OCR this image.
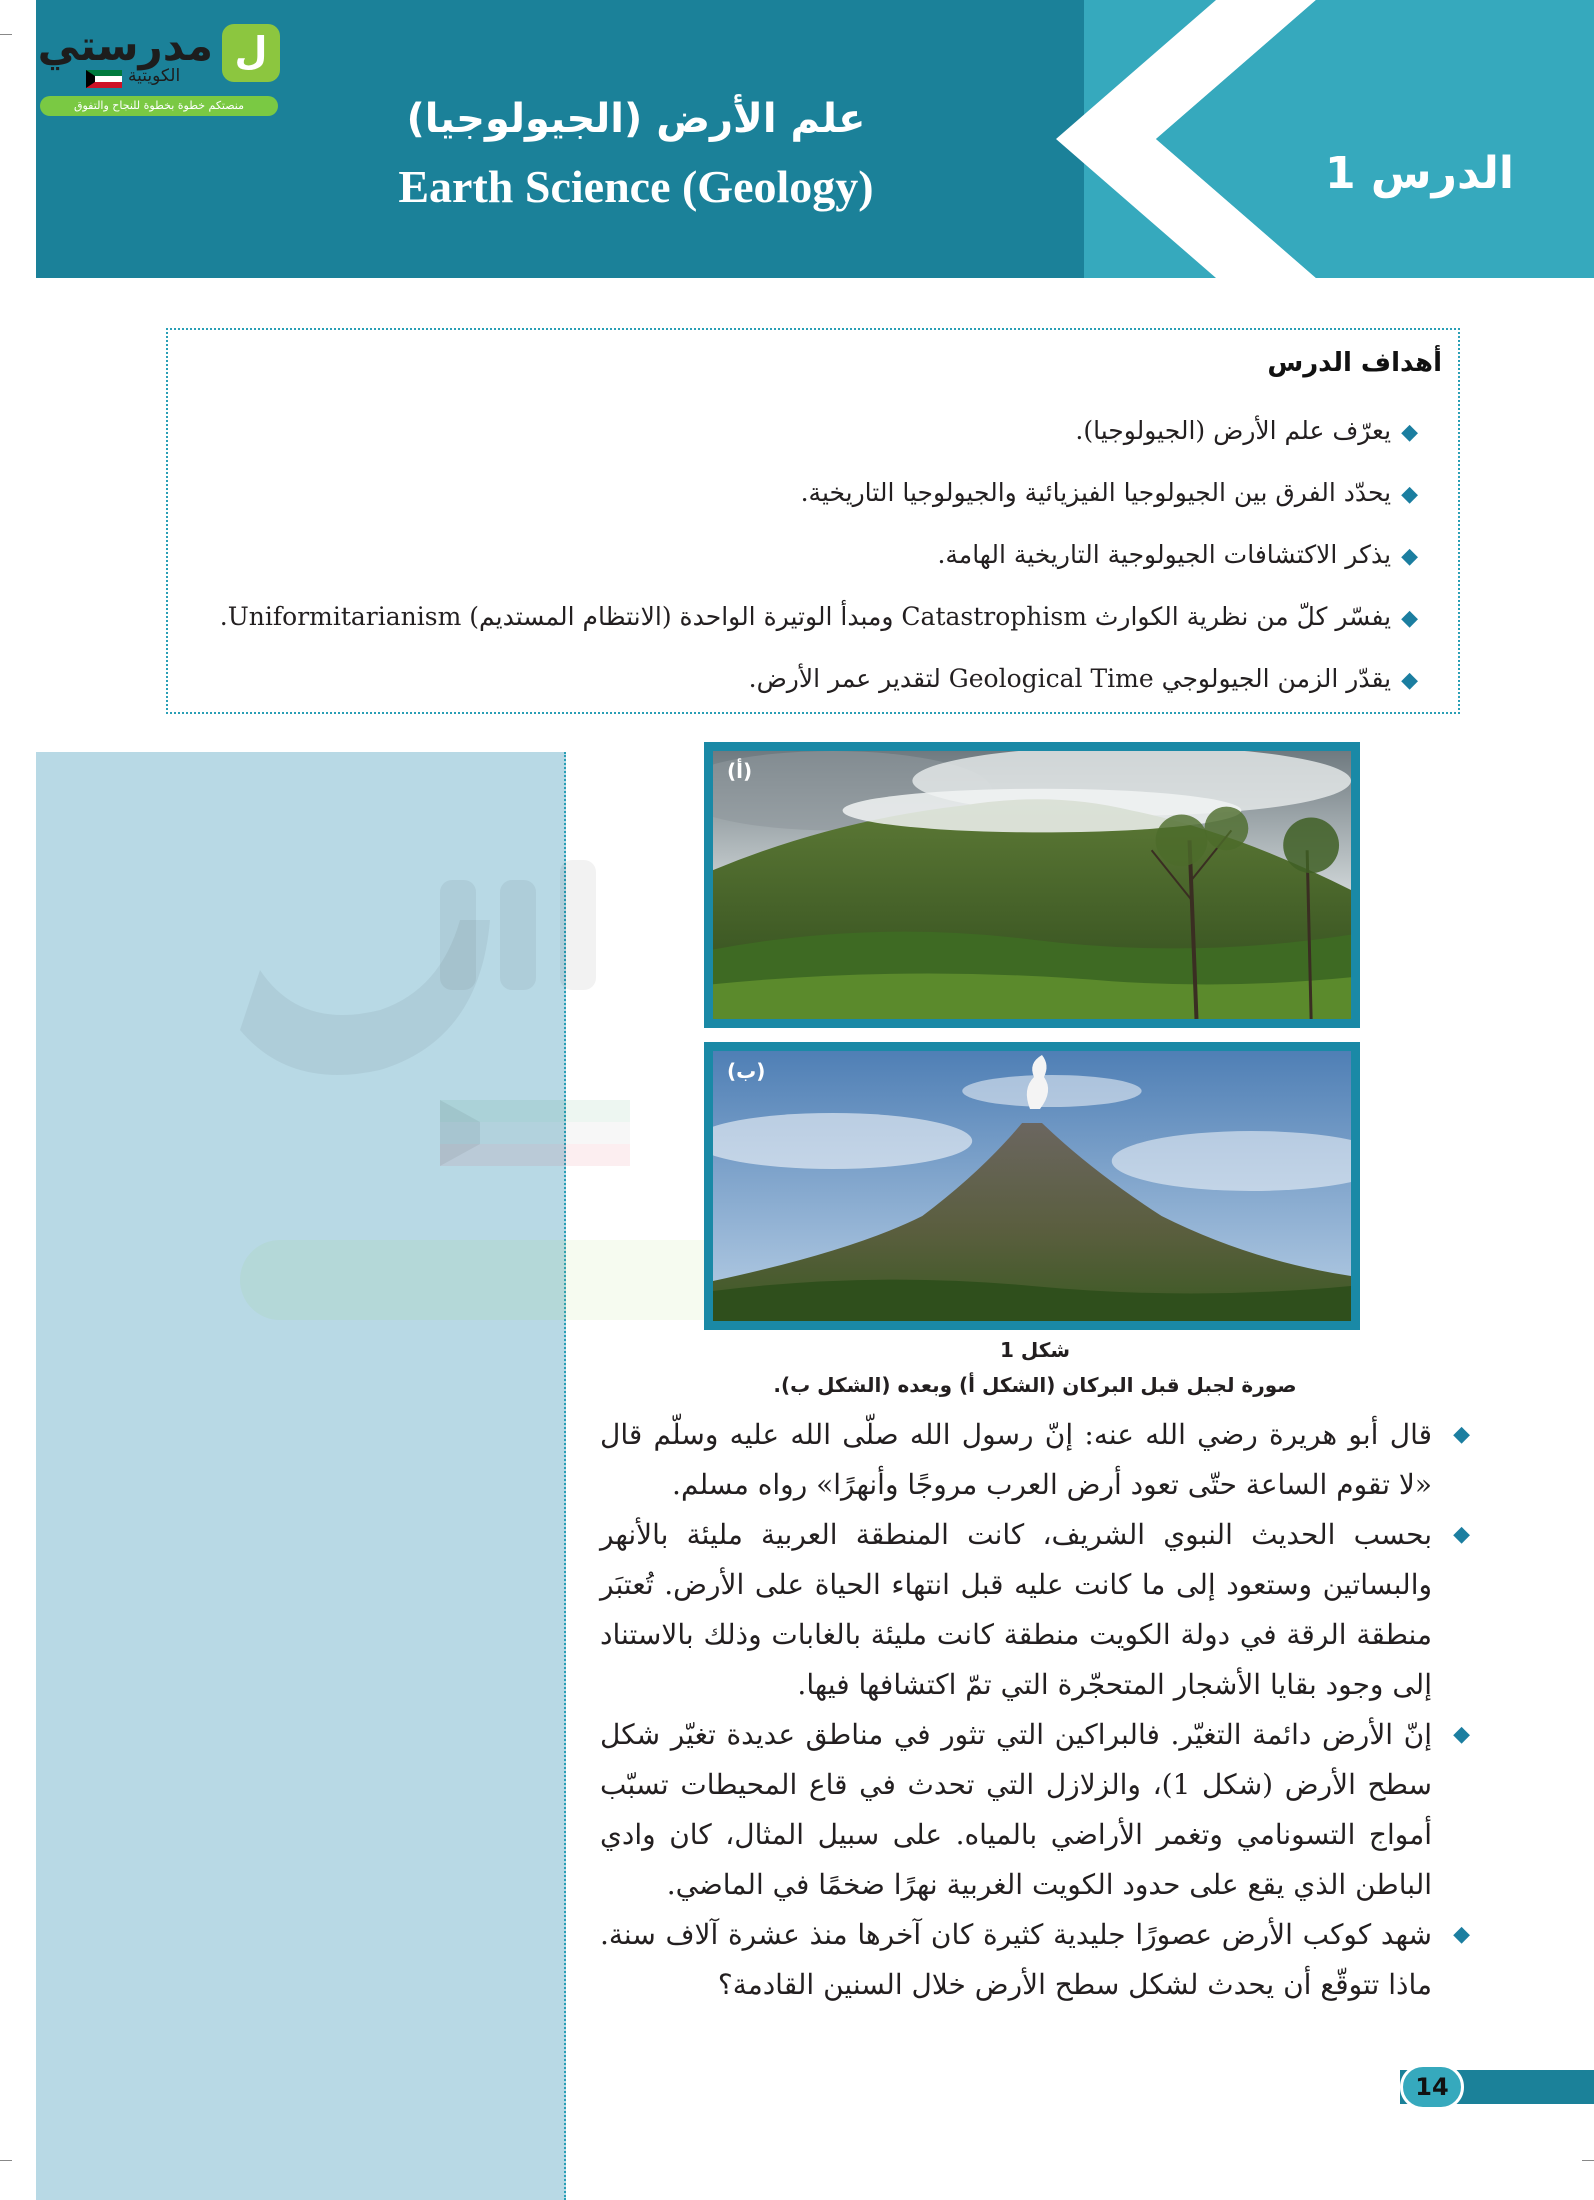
علم الأرض (الجيولوجيا)
Earth Science (Geology)	الدرس 1
مدرستي
الكويتية
منصتكم خطوة بخطوة للنجاح والتفوق
ل
أهداف الدرس
◆يعرّف علم الأرض (الجيولوجيا).
◆يحدّد الفرق بين الجيولوجيا الفيزيائية والجيولوجيا التاريخية.
◆يذكر الاكتشافات الجيولوجية التاريخية الهامة.
◆يفسّر كلّ من نظرية الكوارث Catastrophism ومبدأ الوتيرة الواحدة (الانتظام المستديم) Uniformitarianism.
◆يقدّر الزمن الجيولوجي Geological Time لتقدير عمر الأرض.
(أ)
(ب)
شكل 1
صورة لجبل قبل البركان (الشكل أ) وبعده (الشكل ب).

◆
قال أبو هريرة رضي الله عنه: إنّ رسول الله صلّى الله عليه وسلّم قال «لا تقوم الساعة حتّى تعود أرض العرب مروجًا وأنهرًا» رواه مسلم.

◆
بحسب الحديث النبوي الشريف، كانت المنطقة العربية مليئة بالأنهر والبساتين وستعود إلى ما كانت عليه قبل انتهاء الحياة على الأرض. تُعتبَر منطقة الرقة في دولة الكويت منطقة كانت مليئة بالغابات وذلك بالاستناد إلى وجود بقايا الأشجار المتحجّرة التي تمّ اكتشافها فيها.

◆
إنّ الأرض دائمة التغيّر. فالبراكين التي تثور في مناطق عديدة تغيّر شكل سطح الأرض (شكل 1)، والزلازل التي تحدث في قاع المحيطات تسبّب أمواج التسونامي وتغمر الأراضي بالمياه. على سبيل المثال، كان وادي الباطن الذي يقع على حدود الكويت الغربية نهرًا ضخمًا في الماضي.

◆
شهد كوكب الأرض عصورًا جليدية كثيرة كان آخرها منذ عشرة آلاف سنة. ماذا تتوقّع أن يحدث لشكل سطح الأرض خلال السنين القادمة؟

14
